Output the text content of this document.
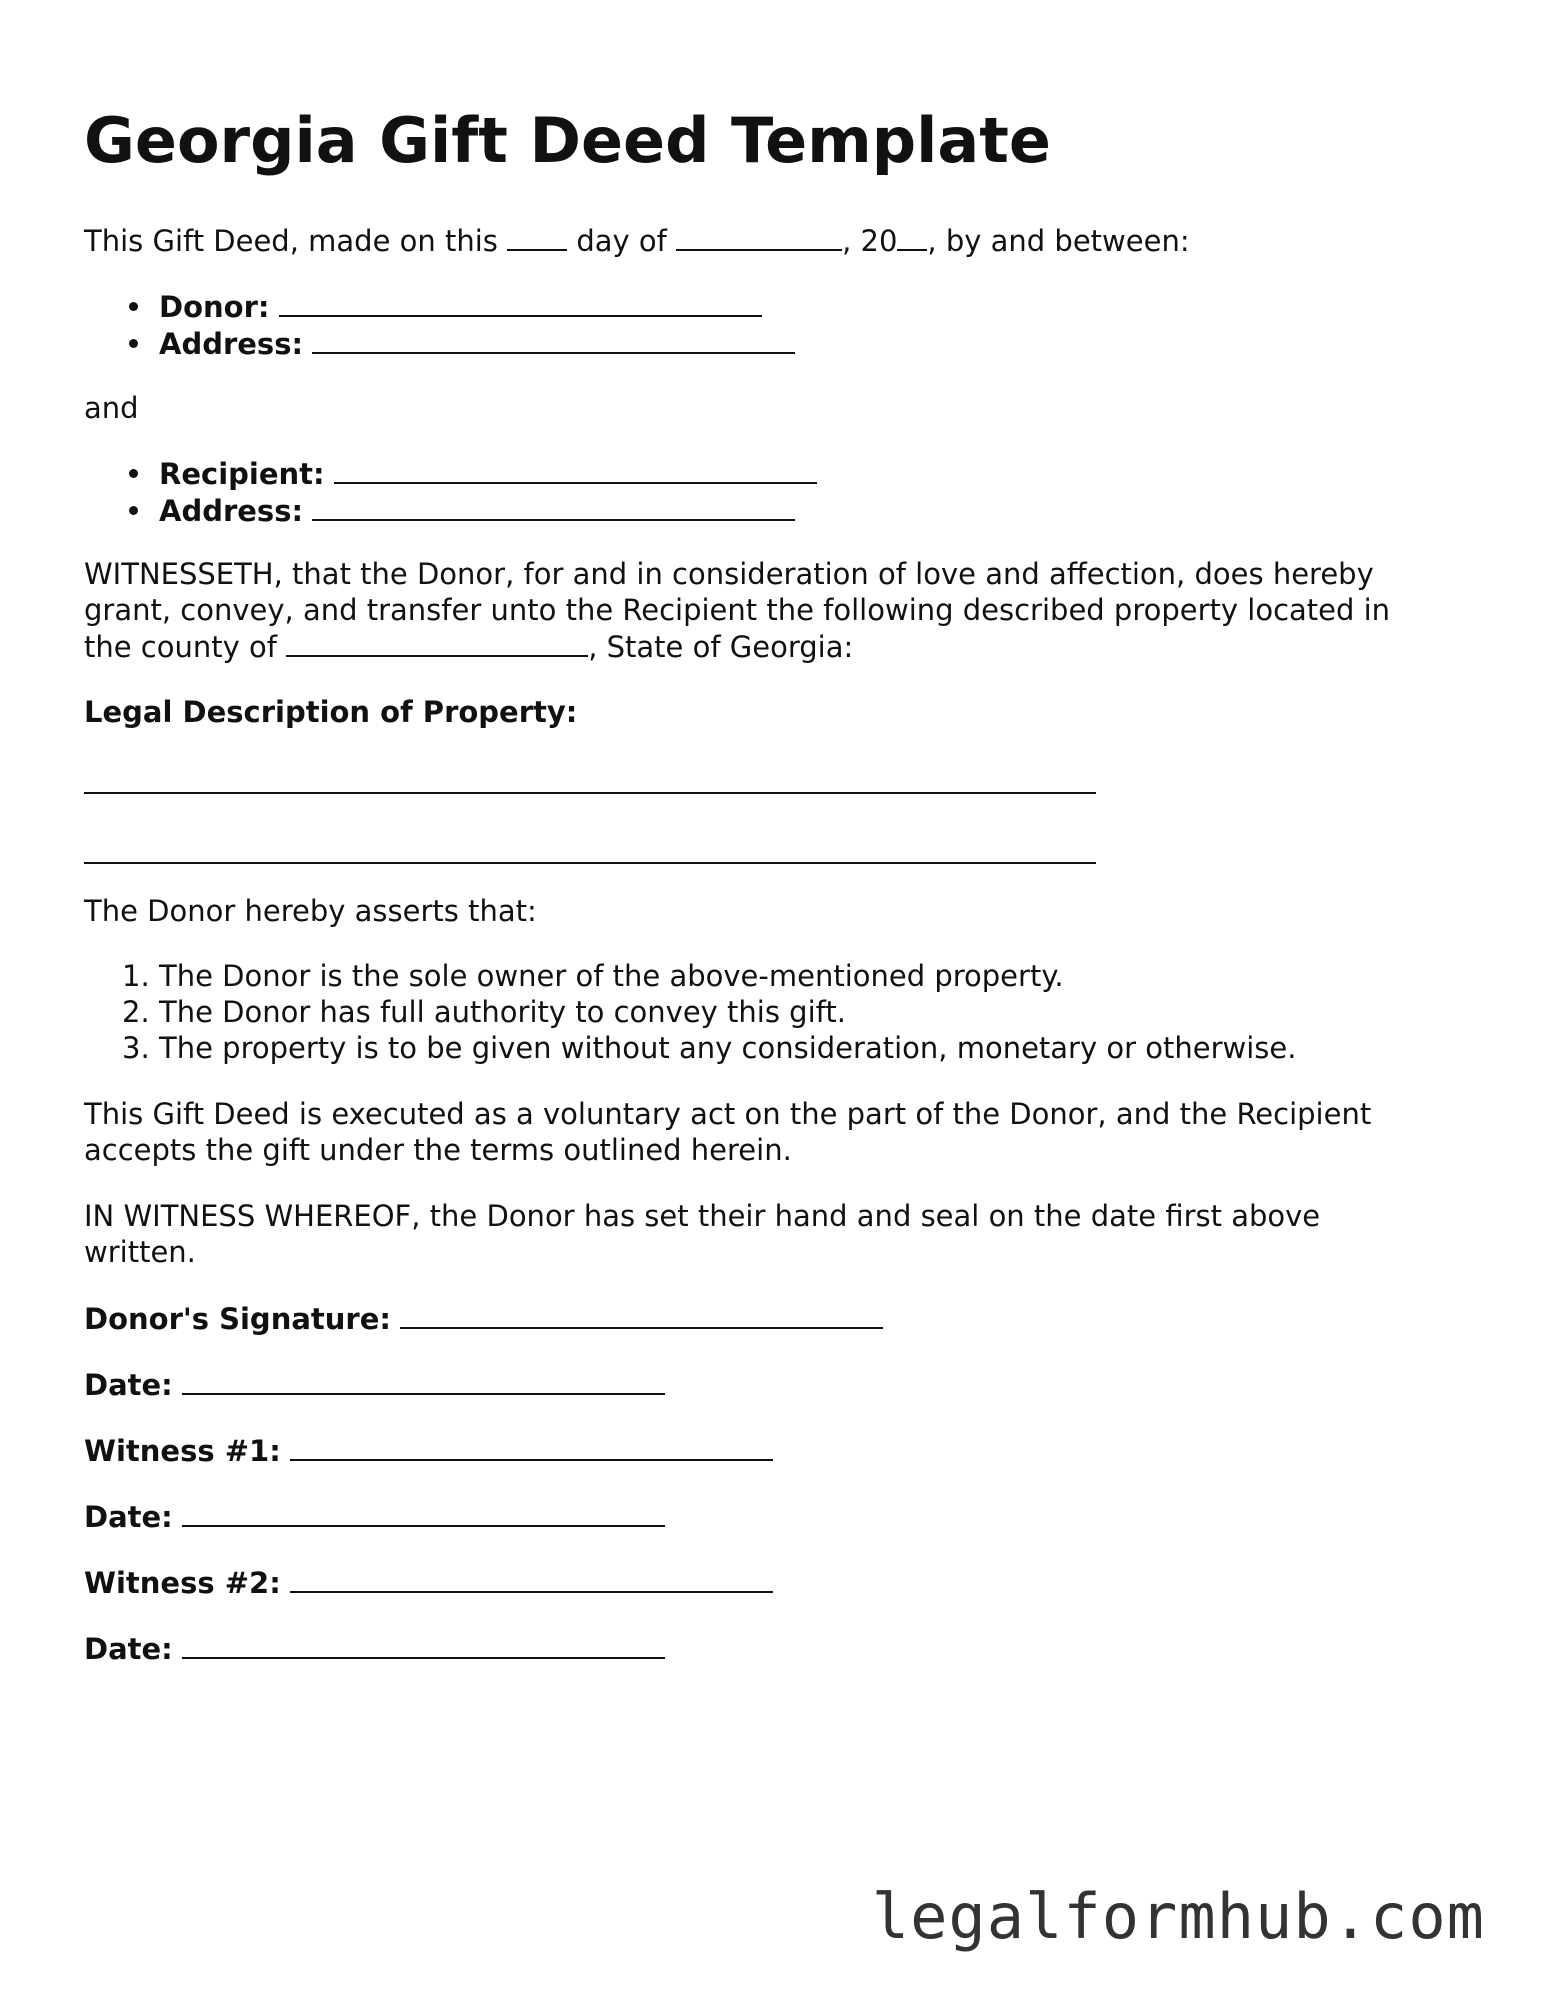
Georgia Gift Deed Template
This Gift Deed, made on this	day of	, 20 , by and between:
Donor:
Address:
and
Recipient:
Address:
WITNESSETH, that the Donor, for and in consideration of love and affection, does hereby
grant, convey, and transfer unto the Recipient the following described property located in
the county of	, State of Georgia:
Legal Description of Property:
The Donor hereby asserts that:
1. The Donor is the sole owner of the above-mentioned property.
2. The Donor has full authority to convey this gift.
3. The property is to be given without any consideration, monetary or otherwise.
This Gift Deed is executed as a voluntary act on the part of the Donor, and the Recipient
accepts the gift under the terms outlined herein.
IN WITNESS WHEREOF, the Donor has set their hand and seal on the date first above
written.
Donor's Signature:
Date:
Witness #1:
Date:
Witness #2:
Date:
legalformhub.com
